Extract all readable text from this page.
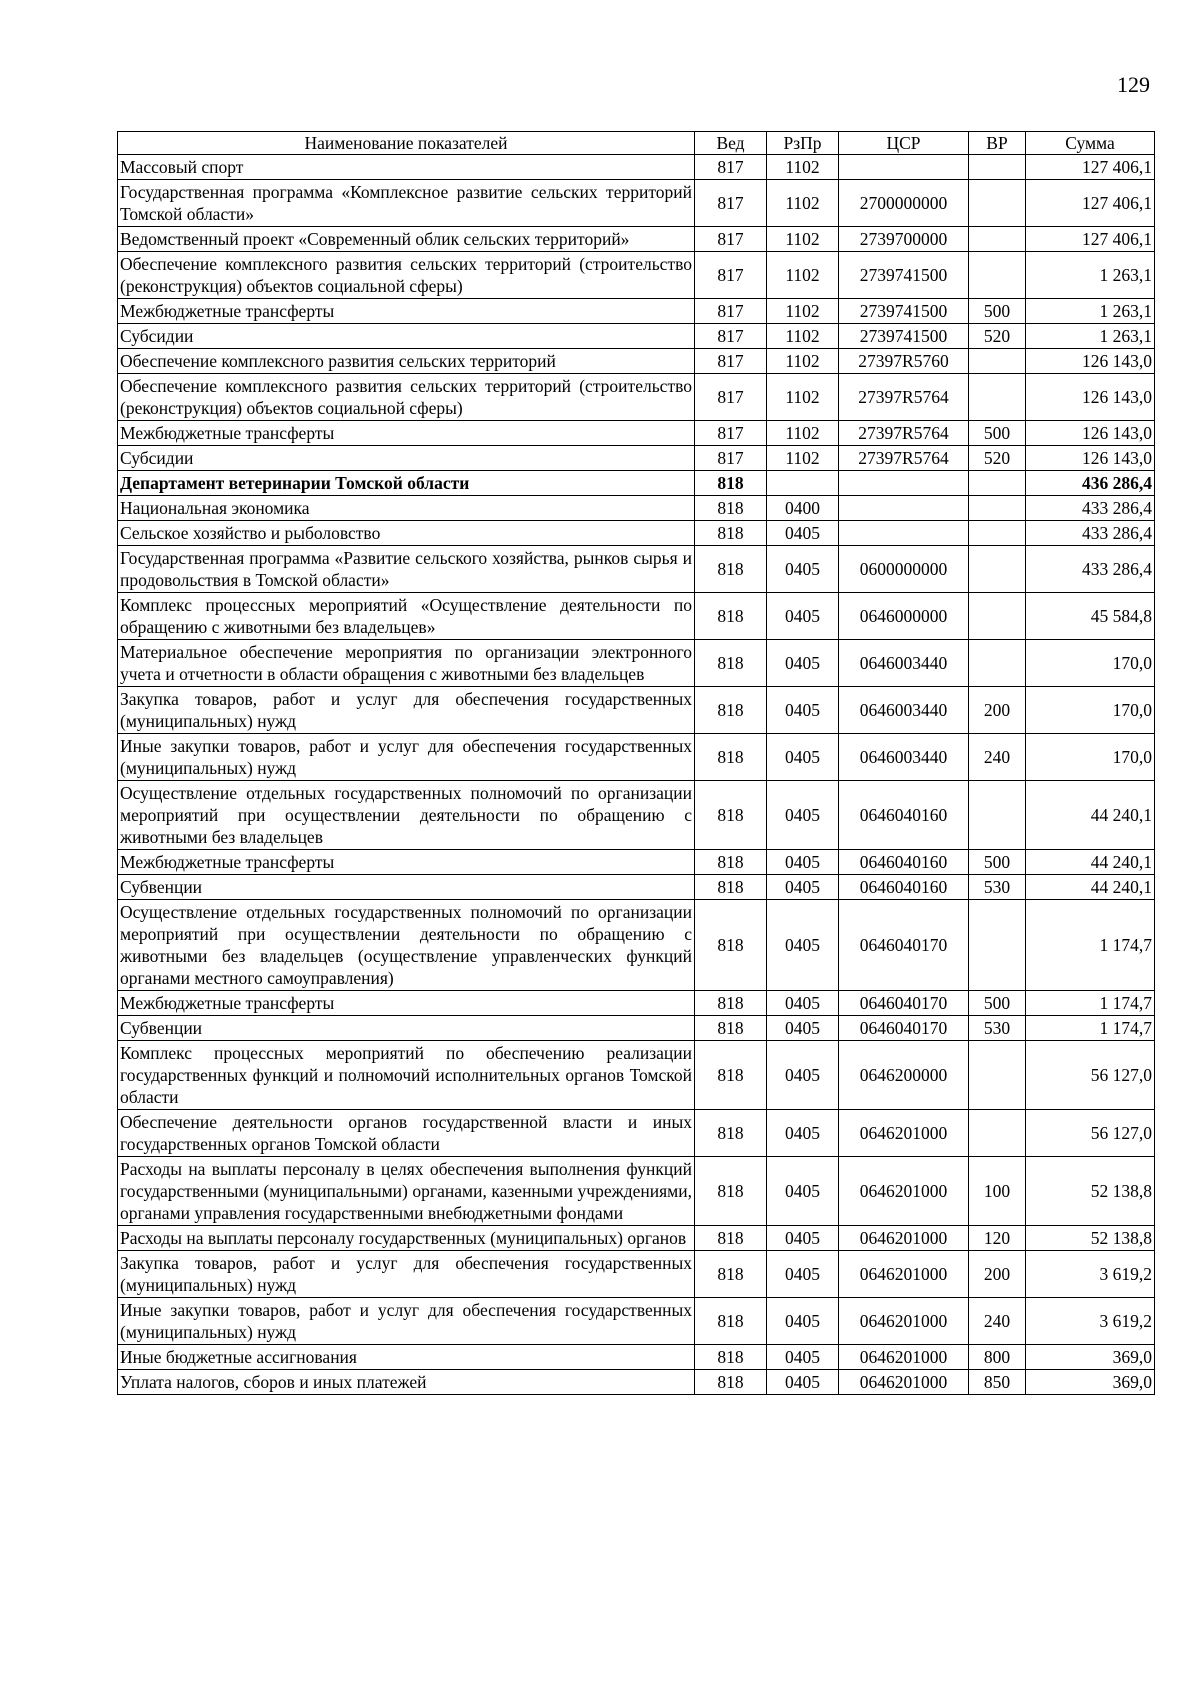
129
Наименование показателей	Вед	РзПр	ЦСР	ВР	Сумма
Массовый спорт	817	1102			127 406,1
Государственная программа «Комплексное развитие сельских территорий Томской области»	817	1102	2700000000		127 406,1
Ведомственный проект «Современный облик сельских территорий»	817	1102	2739700000		127 406,1
Обеспечение комплексного развития сельских территорий (строительство (реконструкция) объектов социальной сферы)	817	1102	2739741500		1 263,1
Межбюджетные трансферты	817	1102	2739741500	500	1 263,1
Субсидии	817	1102	2739741500	520	1 263,1
Обеспечение комплексного развития сельских территорий	817	1102	27397R5760		126 143,0
Обеспечение комплексного развития сельских территорий (строительство (реконструкция) объектов социальной сферы)	817	1102	27397R5764		126 143,0
Межбюджетные трансферты	817	1102	27397R5764	500	126 143,0
Субсидии	817	1102	27397R5764	520	126 143,0
Департамент ветеринарии Томской области	818				436 286,4
Национальная экономика	818	0400			433 286,4
Сельское хозяйство и рыболовство	818	0405			433 286,4
Государственная программа «Развитие сельского хозяйства, рынков сырья и продовольствия в Томской области»	818	0405	0600000000		433 286,4
Комплекс процессных мероприятий «Осуществление деятельности по обращению с животными без владельцев»	818	0405	0646000000		45 584,8
Материальное обеспечение мероприятия по организации электронного учета и отчетности в области обращения с животными без владельцев	818	0405	0646003440		170,0
Закупка товаров, работ и услуг для обеспечения государственных (муниципальных) нужд	818	0405	0646003440	200	170,0
Иные закупки товаров, работ и услуг для обеспечения государственных (муниципальных) нужд	818	0405	0646003440	240	170,0
Осуществление отдельных государственных полномочий по организации мероприятий при осуществлении деятельности по обращению с животными без владельцев	818	0405	0646040160		44 240,1
Межбюджетные трансферты	818	0405	0646040160	500	44 240,1
Субвенции	818	0405	0646040160	530	44 240,1
Осуществление отдельных государственных полномочий по организации мероприятий при осуществлении деятельности по обращению с животными без владельцев (осуществление управленческих функций органами местного самоуправления)	818	0405	0646040170		1 174,7
Межбюджетные трансферты	818	0405	0646040170	500	1 174,7
Субвенции	818	0405	0646040170	530	1 174,7
Комплекс процессных мероприятий по обеспечению реализации государственных функций и полномочий исполнительных органов Томской области	818	0405	0646200000		56 127,0
Обеспечение деятельности органов государственной власти и иных государственных органов Томской области	818	0405	0646201000		56 127,0
Расходы на выплаты персоналу в целях обеспечения выполнения функций государственными (муниципальными) органами, казенными учреждениями, органами управления государственными внебюджетными фондами	818	0405	0646201000	100	52 138,8
Расходы на выплаты персоналу государственных (муниципальных) органов	818	0405	0646201000	120	52 138,8
Закупка товаров, работ и услуг для обеспечения государственных (муниципальных) нужд	818	0405	0646201000	200	3 619,2
Иные закупки товаров, работ и услуг для обеспечения государственных (муниципальных) нужд	818	0405	0646201000	240	3 619,2
Иные бюджетные ассигнования	818	0405	0646201000	800	369,0
Уплата налогов, сборов и иных платежей	818	0405	0646201000	850	369,0
